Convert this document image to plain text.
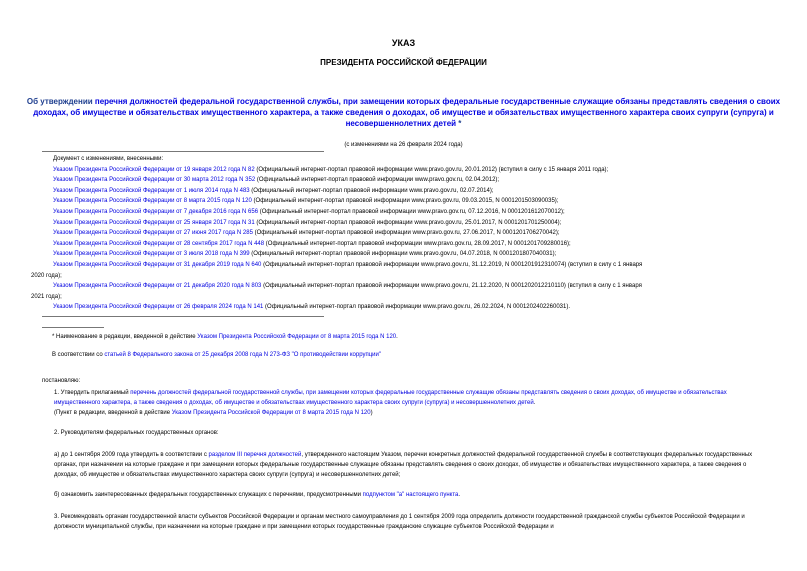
УКАЗ
ПРЕЗИДЕНТА РОССИЙСКОЙ ФЕДЕРАЦИИ
Об утверждении перечня должностей федеральной государственной службы, при замещении которых федеральные государственные служащие обязаны представлять сведения о своих доходах, об имуществе и обязательствах имущественного характера, а также сведения о доходах, об имуществе и обязательствах имущественного характера своих супруги (супруга) и несовершеннолетних детей *
(с изменениями на 26 февраля 2024 года)
Документ с изменениями, внесенными:
Указом Президента Российской Федерации от 19 января 2012 года N 82 (Официальный интернет-портал правовой информации www.pravo.gov.ru, 20.01.2012) (вступил в силу с 15 января 2011 года);
Указом Президента Российской Федерации от 30 марта 2012 года N 352 (Официальный интернет-портал правовой информации www.pravo.gov.ru, 02.04.2012);
Указом Президента Российской Федерации от 1 июля 2014 года N 483 (Официальный интернет-портал правовой информации www.pravo.gov.ru, 02.07.2014);
Указом Президента Российской Федерации от 8 марта 2015 года N 120 (Официальный интернет-портал правовой информации www.pravo.gov.ru, 09.03.2015, N 0001201503090035);
Указом Президента Российской Федерации от 7 декабря 2016 года N 656 (Официальный интернет-портал правовой информации www.pravo.gov.ru, 07.12.2016, N 0001201612070012);
Указом Президента Российской Федерации от 25 января 2017 года N 31 (Официальный интернет-портал правовой информации www.pravo.gov.ru, 25.01.2017, N 0001201701250004);
Указом Президента Российской Федерации от 27 июня 2017 года N 285 (Официальный интернет-портал правовой информации www.pravo.gov.ru, 27.06.2017, N 0001201706270042);
Указом Президента Российской Федерации от 28 сентября 2017 года N 448 (Официальный интернет-портал правовой информации www.pravo.gov.ru, 28.09.2017, N 0001201709280016);
Указом Президента Российской Федерации от 3 июля 2018 года N 399 (Официальный интернет-портал правовой информации www.pravo.gov.ru, 04.07.2018, N 0001201807040031);
Указом Президента Российской Федерации от 31 декабря 2019 года N 640 (Официальный интернет-портал правовой информации www.pravo.gov.ru, 31.12.2019, N 0001201912310074) (вступил в силу с 1 января
2020 года);
Указом Президента Российской Федерации от 21 декабря 2020 года N 803 (Официальный интернет-портал правовой информации www.pravo.gov.ru, 21.12.2020, N 0001202012210110) (вступил в силу с 1 января
2021 года);
Указом Президента Российской Федерации от 26 февраля 2024 года N 141 (Официальный интернет-портал правовой информации www.pravo.gov.ru, 26.02.2024, N 0001202402260031).
* Наименование в редакции, введенной в действие Указом Президента Российской Федерации от 8 марта 2015 года N 120.
В соответствии со статьей 8 Федерального закона от 25 декабря 2008 года N 273-ФЗ "О противодействии коррупции"
постановляю:
1. Утвердить прилагаемый перечень должностей федеральной государственной службы, при замещении которых федеральные государственные служащие обязаны представлять сведения о своих доходах, об имуществе и обязательствах имущественного характера, а также сведения о доходах, об имуществе и обязательствах имущественного характера своих супруги (супруга) и несовершеннолетних детей.
(Пункт в редакции, введенной в действие Указом Президента Российской Федерации от 8 марта 2015 года N 120)
2. Руководителям федеральных государственных органов:
а) до 1 сентября 2009 года утвердить в соответствии с разделом III перечня должностей, утвержденного настоящим Указом, перечни конкретных должностей федеральной государственной службы в соответствующих федеральных государственных органах, при назначении на которые граждане и при замещении которых федеральные государственные служащие обязаны представлять сведения о своих доходах, об имуществе и обязательствах имущественного характера, а также сведения о доходах, об имуществе и обязательствах имущественного характера своих супруги (супруга) и несовершеннолетних детей;
б) ознакомить заинтересованных федеральных государственных служащих с перечнями, предусмотренными подпунктом "а" настоящего пункта.
3. Рекомендовать органам государственной власти субъектов Российской Федерации и органам местного самоуправления до 1 сентября 2009 года определить должности государственной гражданской службы субъектов Российской Федерации и должности муниципальной службы, при назначении на которые граждане и при замещении которых государственные гражданские служащие субъектов Российской Федерации и
